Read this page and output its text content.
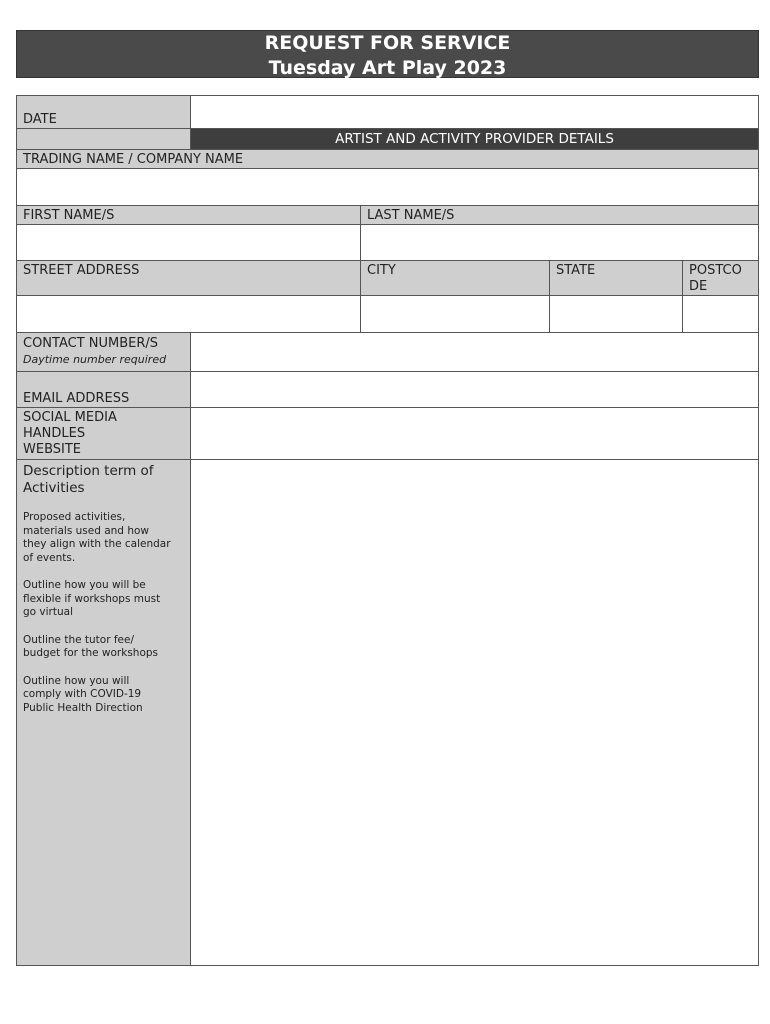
REQUEST FOR SERVICE
Tuesday Art Play 2023
DATE
ARTIST AND ACTIVITY PROVIDER DETAILS
TRADING NAME / COMPANY NAME
FIRST NAME/S	LAST NAME/S
STREET ADDRESS	CITY	STATE	POSTCO
DE
CONTACT NUMBER/S
Daytime number required
EMAIL ADDRESS
SOCIAL MEDIA
HANDLES
WEBSITE
Description term of
Activities
Proposed activities,
materials used and how
they align with the calendar
of events.
Outline how you will be
flexible if workshops must
go virtual
Outline the tutor fee/
budget for the workshops
Outline how you will
comply with COVID-19
Public Health Direction
